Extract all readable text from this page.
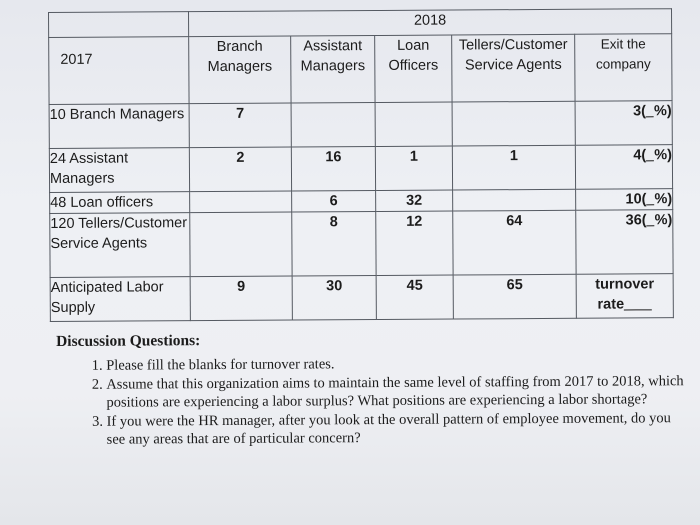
	2018				
2017	Branch Managers	Assistant Managers	Loan Officers	Tellers/Customer Service Agents	Exit the company
10 Branch Managers	7				3( %)
24 Assistant Managers	2	16	1	1	4( %)
48 Loan officers		6	32		10( %)
120 Tellers/Customer Service Agents		8	12	64	36( %)
Anticipated Labor Supply	9	30	45	65	turnover
rate

Discussion Questions:

1. Please fill the blanks for turnover rates.
2. Assume that this organization aims to maintain the same level of staffing from 2017 to 2018, which positions are experiencing a labor surplus? What positions are experiencing a labor shortage?
3. If you were the HR manager, after you look at the overall pattern of employee movement, do you see any areas that are of particular concern?
